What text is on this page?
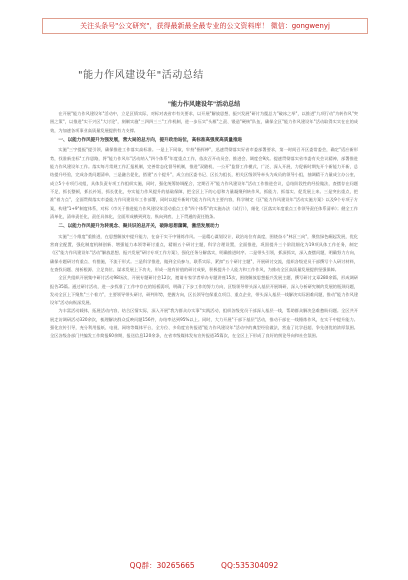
关注头条号"公文研究"，获得最新最全最专业的公文资料库！ 微信：gongwenyj
"能力作风建设年"活动总结
"能力作风建设年"活动总结

在开展"能力作风建设年"活动中，立足区情实际，对标对表省市有关要求，以开展"解放思想、振兴发展"研讨为揽总力"破冰之举"，以推进"九项行动"为转作风"突围之策"，以推进"实干兴区"大讨论"，刻制实施"三四四三三"工作机制，进一步压实"头雁"之责、锻造"硬核"队伍，确保全区"能力作风建设年"活动取得实实在在的成效，为加速各项事业高质量发展提供有力支撑。

一、以能力作风提升为强发展，营大局的总方向，提升政治站位，高标准高强度高质量推进

实施"三字提振"提引领，确保推进工作落实高标准。一是上下同欲，牢持"指挥棒"，迅速贯彻落实好省市委部署要求，第一时间召开区委常委会，确定"适应新形势，找准新坐标"工作思路，将"能力作风年"活动纳入"四个体系"年度重点工作，依次召开动员会、推进会、调度会9次。提速贯彻落实省市委有关会议精神，部署推进能力作风建设年工作。落实每月常规工作汇报机制，完善常态化督导机制，推进"双随机、一公开"监督工作模式，广泛、深入开展，力促新时期先开个新能力开新，总结提升经验，完成各类问题清单，三是融合促化，搭建"五个提升"，成立由区委书记、区长为组长，相关区级领导牵头为成员的领导小组，抽调精干力量成立办公室，成立5个专项行动组，具体负责专项工作组织实施，同时，强化统筹协调配合，定期召开"能力作风建设年"活动工作推进会议，总结阶段性的经验做法，查摆存在问题不足，抓长整顿，抓长补短，抓长优化，夯实能力作风提升的基础保障，把全区上下的心思和力量凝聚到转作风、抓能力、抓落实、促发展上来。三是突出重点，把准"着力点"，全面贯彻落实市委能力作风建设年工作部署，同时以提升新时代能力作风为主要内容，科学制定《区"能力作风建设年"活动实施方案》以及9个专项子方案，构建"1+9"制度体系，对标《市关于推进能力作风建设年活动重点工作"四个体系"的实施办法（试行）》，细化《区落实年度重点工作领导责任体系清单》；健全工作清单化，清单责任化，责任具体化，全面形成横到到边、纵向到底、上下贯通的责任链条。

二、以能力作风提升为转观念、聚共识的总开关，破除思想藩篱，激活发展动力

实施"三个维度"重推进，在思想解放中提升能力，在奋于实干中锤炼作风。一是精心谋划设计，政治站位有高度，围绕奋斗"林区三向"，聚焦绿色崛起发展，优化营商全配置，强化制度机制创新、增强能力本领等研讨重点，精细五个研讨主题，科学合理设置，全面推进，巩固提升三个阶段细化为19项具体工作任务，制定《区"能力作风建设年"活动"解放思想、振兴发展"研讨专项工作方案》，强化任务分解落实，明确推进时序。二是带头引领，抓深抓实，深入查摆问题，明确努力方向，确保专题研讨有重点、有措施，不流于形式。三是科学推进，做到全员参与，联系实际，紧扣"五个研讨主题"，开展研讨交流，组织各级党员干部撰写个人研讨材料，在查找问题、剖析根源、立足岗位、谋求发展上下功夫，形成一批有价值的研讨成果，积极提升个人能力和工作作风，为推动全区高质量发展提供坚强保障。

全区共组织开展集中研讨活动98场次，开展专题研讨会12次，邀请专家学者举办专题讲座15次，围绕解放思想振兴发展主题，撰写研讨文章280余篇，形成调研报告35篇。通过研讨活动，进一步找准了工作中存在的短板弱项，明确了下步工作的努力方向，区级领导带头深入基层开展调研，深入分析研究制约发展的瓶颈问题，发动全区上下聚焦"三个着力"，主要领导带头研讨，研判形势，把握方向，区长领导包保重点项目、重点企业，带头深入基层一线解决实际困难问题，推动"能力作风建设年"活动向纵深发展。

为丰富活动载体，拓展活动内容，结合区情实际，深入开展"我为群众办实事"实践活动，组织各级党员干部深入基层一线，帮助群众解决急难愁盼问题。全区共开展走访调研活动320余次，梳理解决群众反映问题156件，办结率达到95%以上。同时，大力开展"干部下基层"活动，推动干部在一线锤炼作风，在实干中提升能力。强化宣传引导，充分利用报纸、电视、网络等媒体平台，全方位、多角度宣传报道"能力作风建设年"活动中的典型经验做法，营造了比学赶超、争先创优的浓厚氛围。全区各级各部门共编发工作简报60余期，报送信息120余条，在省市级媒体发布宣传报道35篇次，在全区上下形成了良好的舆论导向和社会氛围。

QQ群：30265665	QQ:535304092
